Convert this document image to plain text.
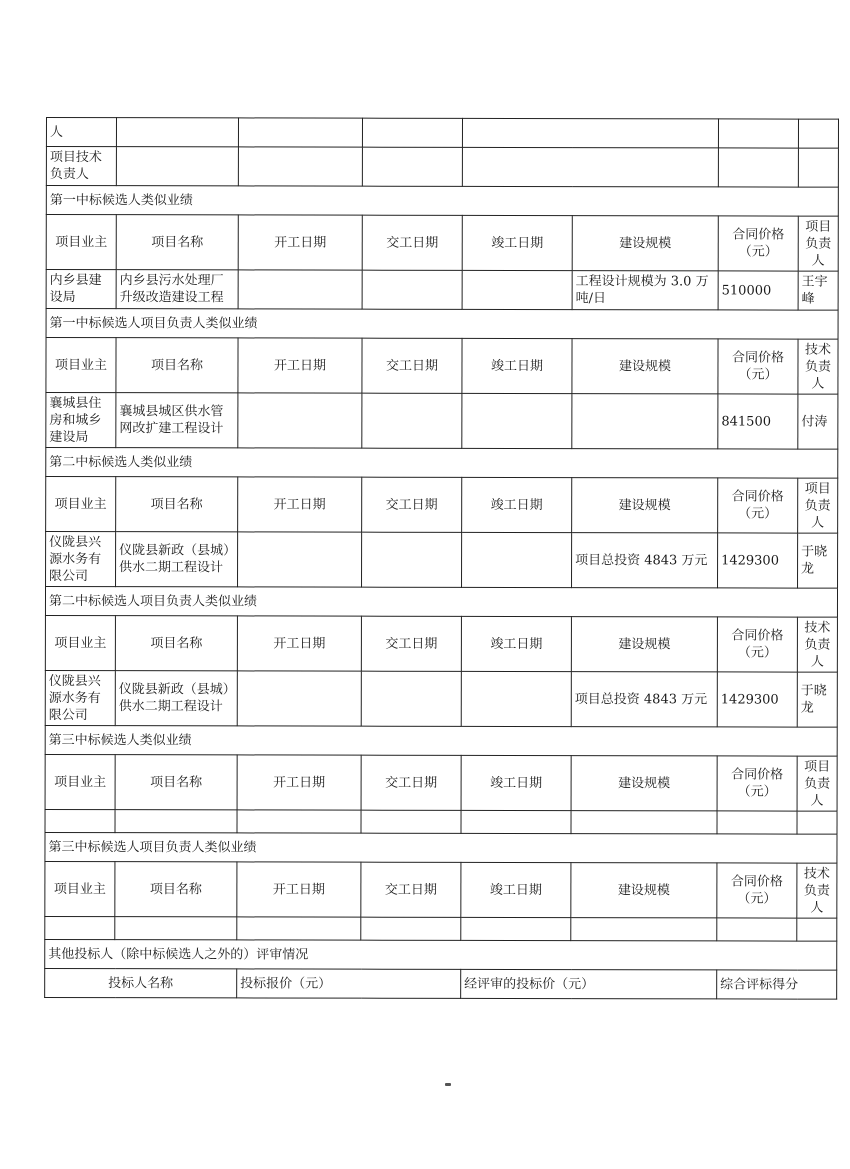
人							
项目技术负责人							
第一中标候选人类似业绩							
项目业主	项目名称	开工日期	交工日期	竣工日期	建设规模	合同价格（元）	项目负责人
内乡县建设局	内乡县污水处理厂升级改造建设工程				工程设计规模为 3.0 万吨/日	510000	王宇峰
第一中标候选人项目负责人类似业绩							
项目业主	项目名称	开工日期	交工日期	竣工日期	建设规模	合同价格（元）	技术负责人
襄城县住房和城乡建设局	襄城县城区供水管网改扩建工程设计					841500	付涛
第二中标候选人类似业绩							
项目业主	项目名称	开工日期	交工日期	竣工日期	建设规模	合同价格（元）	项目负责人
仪陇县兴源水务有限公司	仪陇县新政（县城）供水二期工程设计				项目总投资 4843 万元	1429300	于晓龙
第二中标候选人项目负责人类似业绩							
项目业主	项目名称	开工日期	交工日期	竣工日期	建设规模	合同价格（元）	技术负责人
仪陇县兴源水务有限公司	仪陇县新政（县城）供水二期工程设计				项目总投资 4843 万元	1429300	于晓龙
第三中标候选人类似业绩							
项目业主	项目名称	开工日期	交工日期	竣工日期	建设规模	合同价格（元）	项目负责人

第三中标候选人项目负责人类似业绩							
项目业主	项目名称	开工日期	交工日期	竣工日期	建设规模	合同价格（元）	技术负责人

其他投标人（除中标候选人之外的）评审情况							
投标人名称		投标报价（元）		经评审的投标价（元）		综合评标得分	
